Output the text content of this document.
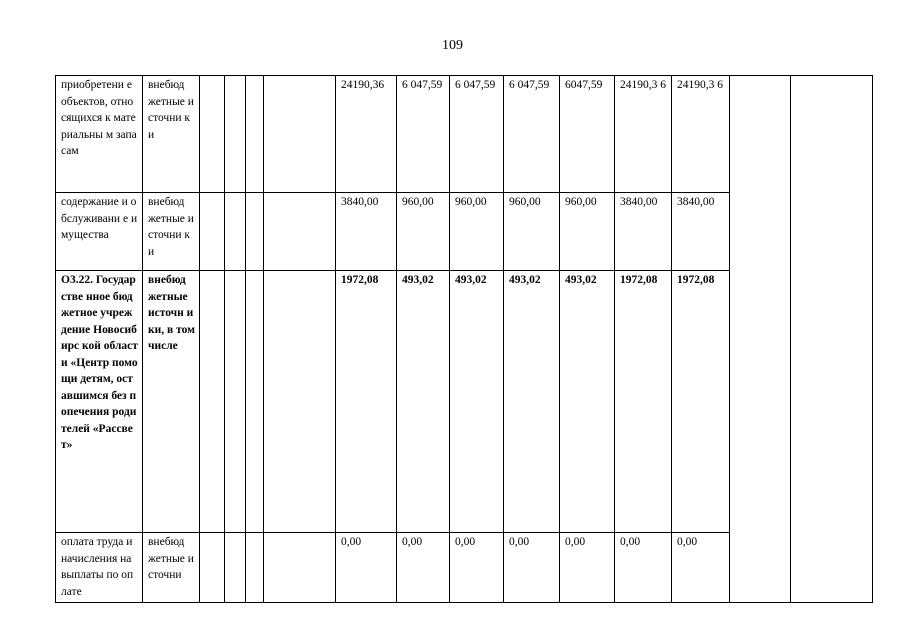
109
приобретени е объектов, относящихся к материальны м запасам	внебюд жетные источни ки					24190,36	6 047,59	6 047,59	6 047,59	6047,59	24190,3 6	24190,3 6		
содержание и обслуживани е имущества	внебюд жетные источни ки					3840,00	960,00	960,00	960,00	960,00	3840,00	3840,00		
О3.22. Государстве нное бюджетное учреждение Новосибирс кой области «Центр помощи детям, оставшимся без попечения родителей «Рассвет»	внебюд жетные источн ики, в том числе					1972,08	493,02	493,02	493,02	493,02	1972,08	1972,08		
оплата труда и начисления на выплаты по оплате	внебюд жетные источни					0,00	0,00	0,00	0,00	0,00	0,00	0,00		
